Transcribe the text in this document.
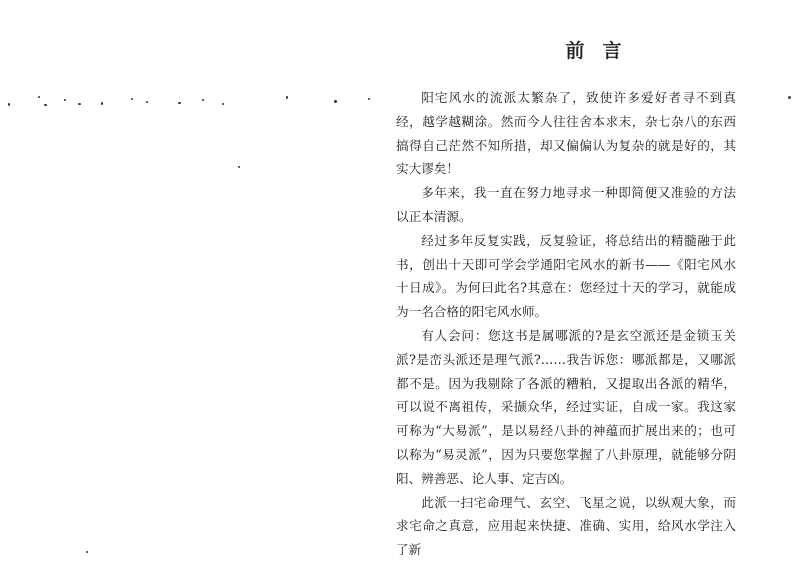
前言

阳宅风水的流派太繁杂了，致使许多爱好者寻不到真经，越学越糊涂。然而今人往往舍本求末，杂七杂八的东西搞得自己茫然不知所措，却又偏偏认为复杂的就是好的，其实大谬矣！

多年来，我一直在努力地寻求一种即简便又准验的方法以正本清源。

经过多年反复实践，反复验证，将总结出的精髓融于此书，创出十天即可学会学通阳宅风水的新书——《阳宅风水十日成》。为何曰此名?其意在：您经过十天的学习，就能成为一名合格的阳宅风水师。

有人会问：您这书是属哪派的?是玄空派还是金锁玉关派?是峦头派还是理气派?……我告诉您：哪派都是，又哪派都不是。因为我剔除了各派的糟粕，又提取出各派的精华，可以说不离祖传，采撷众华，经过实证，自成一家。我这家可称为“大易派”，是以易经八卦的神蕴而扩展出来的；也可以称为“易灵派”，因为只要您掌握了八卦原理，就能够分阴阳、辨善恶、论人事、定吉凶。

此派一扫宅命理气、玄空、飞星之说，以纵观大象，而求宅命之真意，应用起来快捷、准确、实用，给风水学注入了新
